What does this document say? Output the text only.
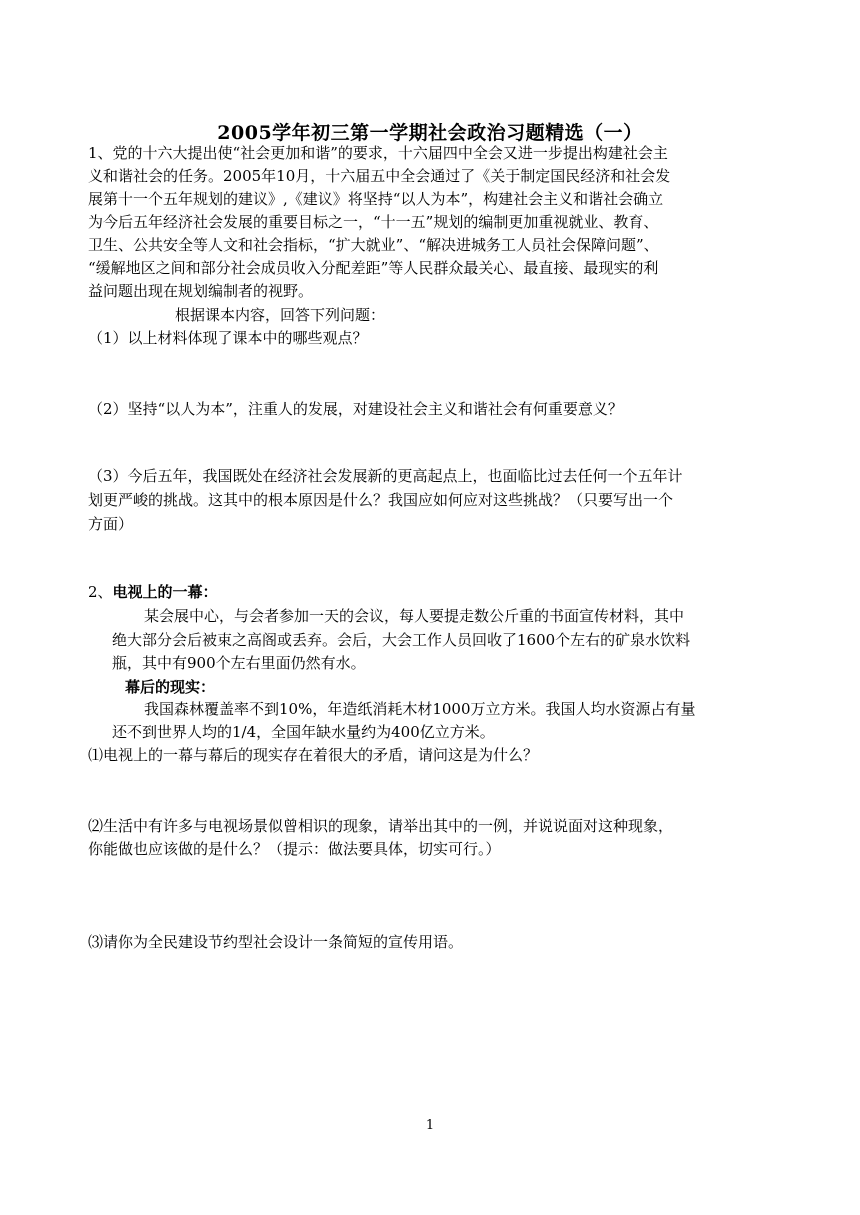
2005学年初三第一学期社会政治习题精选（一）
1、党的十六大提出使“社会更加和谐”的要求，十六届四中全会又进一步提出构建社会主
义和谐社会的任务。2005年10月，十六届五中全会通过了《关于制定国民经济和社会发
展第十一个五年规划的建议》,《建议》将坚持“以人为本”，构建社会主义和谐社会确立
为今后五年经济社会发展的重要目标之一，“十一五”规划的编制更加重视就业、教育、
卫生、公共安全等人文和社会指标，“扩大就业”、“解决进城务工人员社会保障问题”、
“缓解地区之间和部分社会成员收入分配差距”等人民群众最关心、最直接、最现实的利
益问题出现在规划编制者的视野。
根据课本内容，回答下列问题：
（1）以上材料体现了课本中的哪些观点？
（2）坚持“以人为本”，注重人的发展，对建设社会主义和谐社会有何重要意义？
（3）今后五年，我国既处在经济社会发展新的更高起点上，也面临比过去任何一个五年计
划更严峻的挑战。这其中的根本原因是什么？我国应如何应对这些挑战？（只要写出一个
方面）
2、电视上的一幕：
某会展中心，与会者参加一天的会议，每人要提走数公斤重的书面宣传材料，其中
绝大部分会后被束之高阁或丢弃。会后，大会工作人员回收了1600个左右的矿泉水饮料
瓶，其中有900个左右里面仍然有水。
幕后的现实：
我国森林覆盖率不到10%，年造纸消耗木材1000万立方米。我国人均水资源占有量
还不到世界人均的1/4，全国年缺水量约为400亿立方米。
⑴电视上的一幕与幕后的现实存在着很大的矛盾，请问这是为什么？
⑵生活中有许多与电视场景似曾相识的现象，请举出其中的一例，并说说面对这种现象，
你能做也应该做的是什么？（提示：做法要具体，切实可行。）
⑶请你为全民建设节约型社会设计一条简短的宣传用语。
1
